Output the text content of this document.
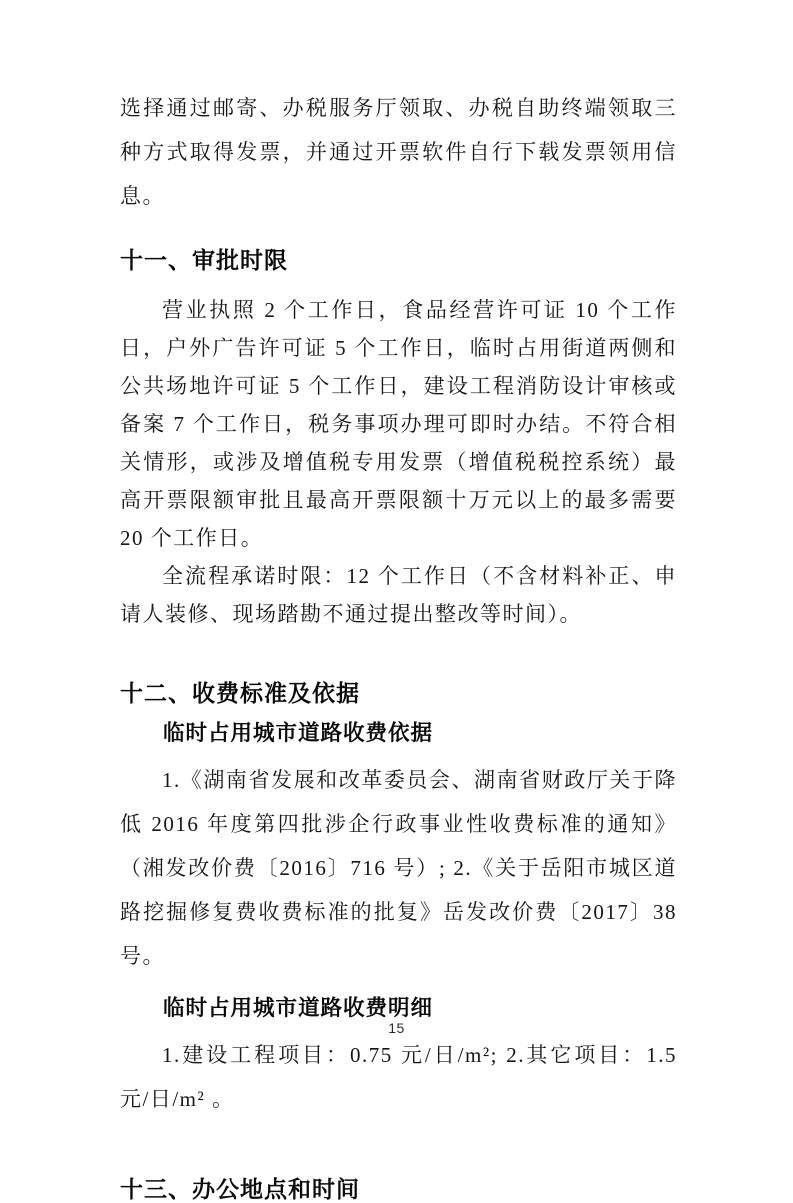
选择通过邮寄、办税服务厅领取、办税自助终端领取三种方式取得发票，并通过开票软件自行下载发票领用信息。

十一、审批时限

营业执照 2 个工作日，食品经营许可证 10 个工作日，户外广告许可证 5 个工作日，临时占用街道两侧和公共场地许可证 5 个工作日，建设工程消防设计审核或备案 7 个工作日，税务事项办理可即时办结。不符合相关情形，或涉及增值税专用发票（增值税税控系统）最高开票限额审批且最高开票限额十万元以上的最多需要 20 个工作日。

全流程承诺时限：12 个工作日（不含材料补正、申请人装修、现场踏勘不通过提出整改等时间）。

十二、收费标准及依据
临时占用城市道路收费依据

1.《湖南省发展和改革委员会、湖南省财政厅关于降低 2016 年度第四批涉企行政事业性收费标准的通知》（湘发改价费〔2016〕716 号）; 2.《关于岳阳市城区道路挖掘修复费收费标准的批复》岳发改价费〔2017〕38 号。

临时占用城市道路收费明细

1.建设工程项目：0.75 元/日/m²; 2.其它项目：1.5 元/日/m² 。

十三、办公地点和时间
15
